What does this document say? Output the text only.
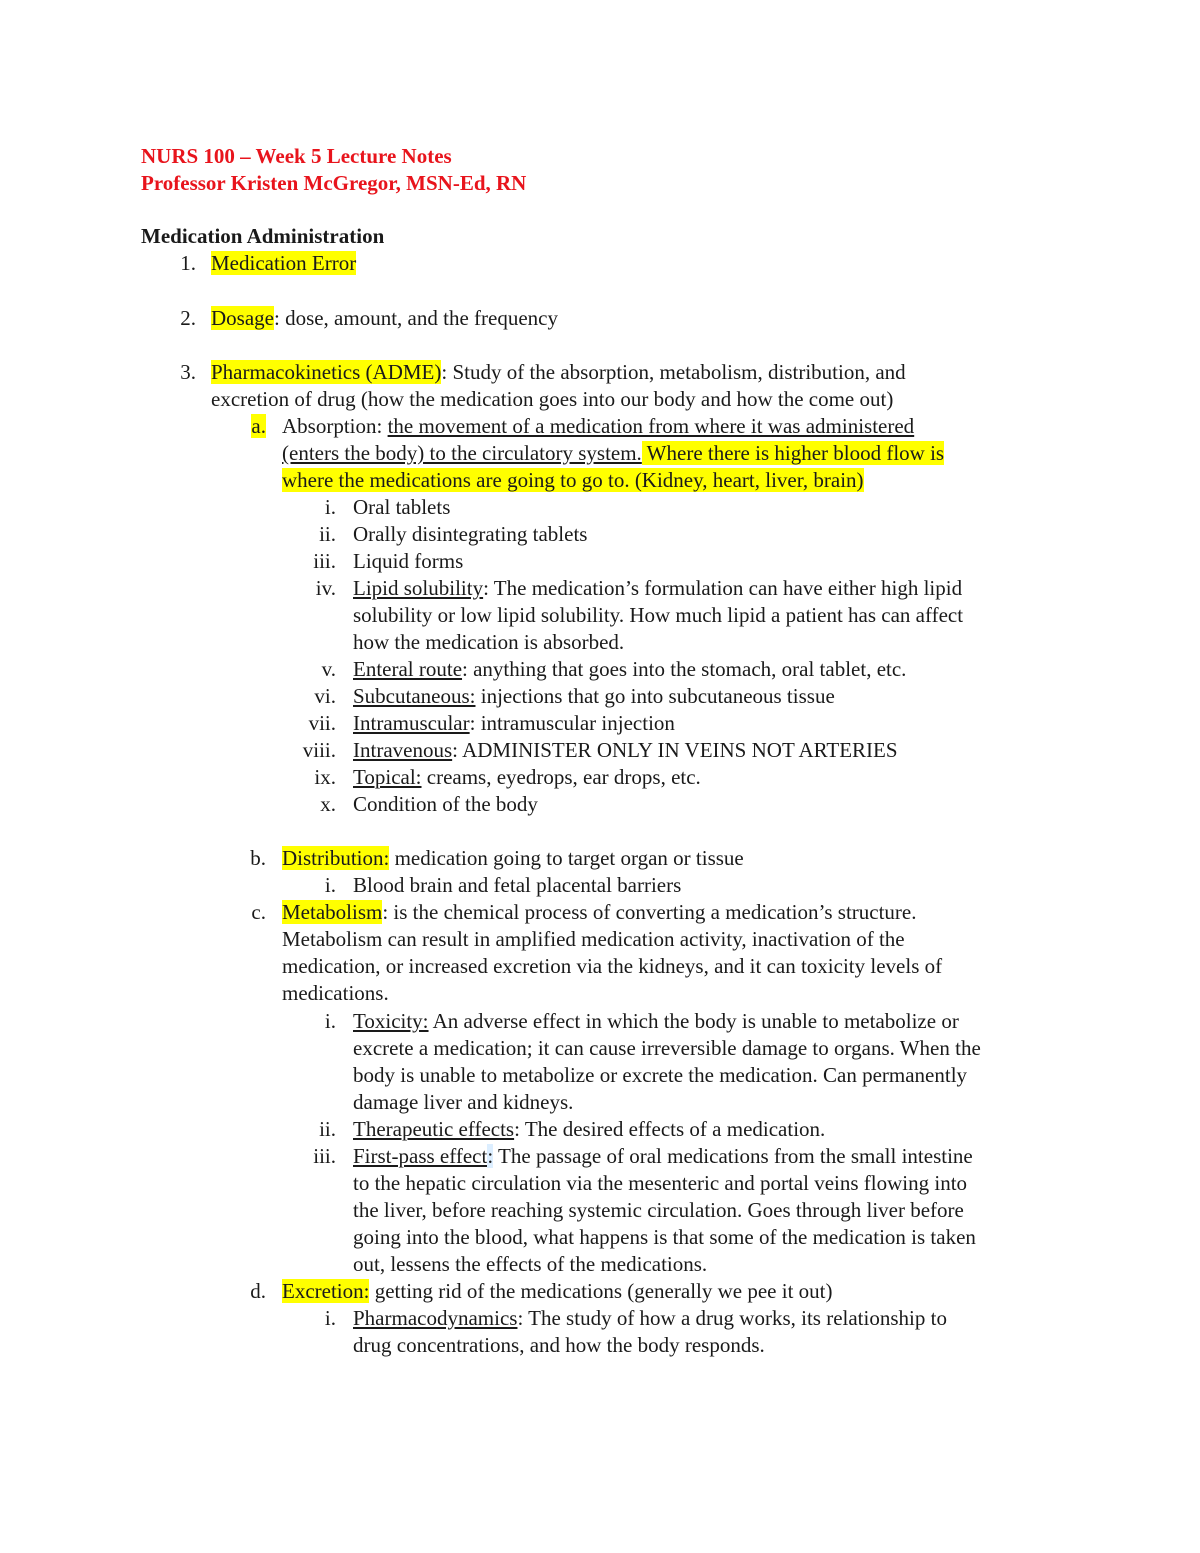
NURS 100 – Week 5 Lecture Notes
Professor Kristen McGregor, MSN-Ed, RN
Medication Administration
1. Medication Error
2. Dosage: dose, amount, and the frequency
3. Pharmacokinetics (ADME): Study of the absorption, metabolism, distribution, and
excretion of drug (how the medication goes into our body and how the come out)
a. Absorption: the movement of a medication from where it was administered
(enters the body) to the circulatory system. Where there is higher blood flow is
where the medications are going to go to. (Kidney, heart, liver, brain)
i. Oral tablets
ii. Orally disintegrating tablets
iii. Liquid forms
iv. Lipid solubility: The medication’s formulation can have either high lipid
solubility or low lipid solubility. How much lipid a patient has can affect
how the medication is absorbed.
v. Enteral route: anything that goes into the stomach, oral tablet, etc.
vi. Subcutaneous: injections that go into subcutaneous tissue
vii. Intramuscular: intramuscular injection
viii. Intravenous: ADMINISTER ONLY IN VEINS NOT ARTERIES
ix. Topical: creams, eyedrops, ear drops, etc.
x. Condition of the body
b. Distribution: medication going to target organ or tissue
i. Blood brain and fetal placental barriers
c. Metabolism: is the chemical process of converting a medication’s structure.
Metabolism can result in amplified medication activity, inactivation of the
medication, or increased excretion via the kidneys, and it can toxicity levels of
medications.
i. Toxicity: An adverse effect in which the body is unable to metabolize or
excrete a medication; it can cause irreversible damage to organs. When the
body is unable to metabolize or excrete the medication. Can permanently
damage liver and kidneys.
ii. Therapeutic effects: The desired effects of a medication.
iii. First-pass effect: The passage of oral medications from the small intestine
to the hepatic circulation via the mesenteric and portal veins flowing into
the liver, before reaching systemic circulation. Goes through liver before
going into the blood, what happens is that some of the medication is taken
out, lessens the effects of the medications.
d. Excretion: getting rid of the medications (generally we pee it out)
i. Pharmacodynamics: The study of how a drug works, its relationship to
drug concentrations, and how the body responds.
